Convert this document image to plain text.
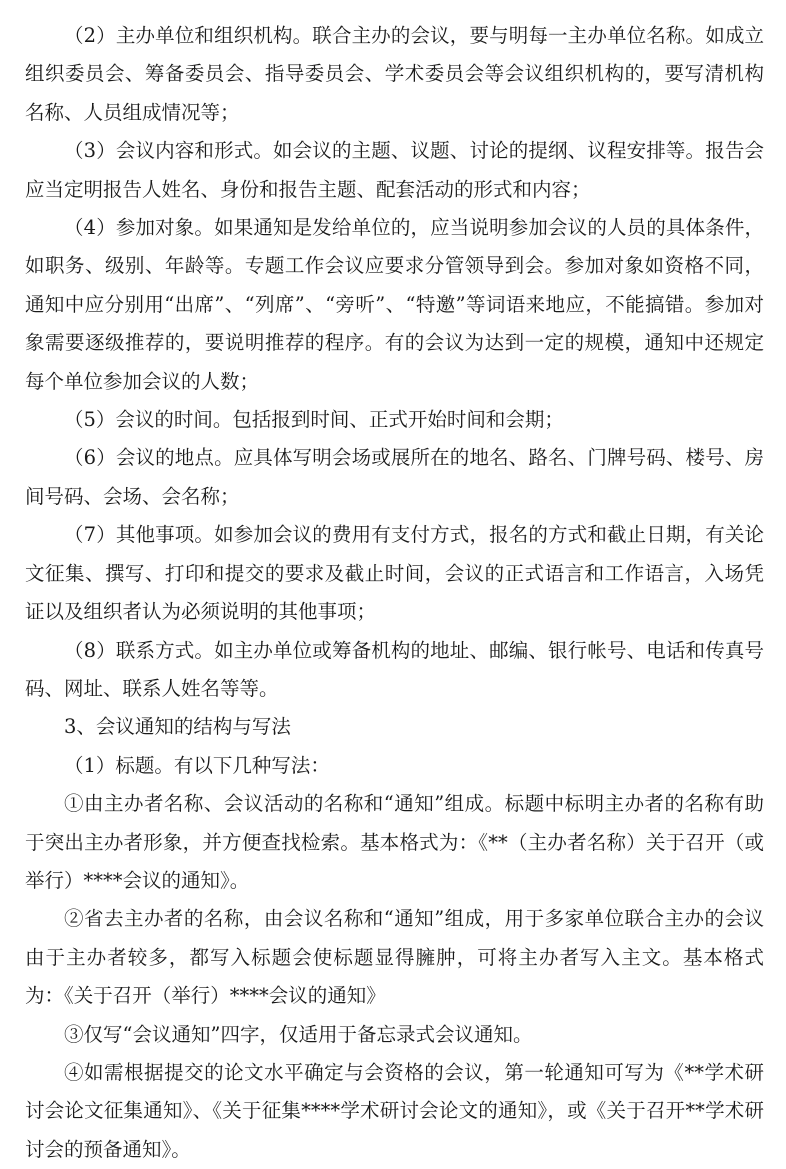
（2）主办单位和组织机构。联合主办的会议，要与明每一主办单位名称。如成立组织委员会、筹备委员会、指导委员会、学术委员会等会议组织机构的，要写清机构名称、人员组成情况等；

（3）会议内容和形式。如会议的主题、议题、讨论的提纲、议程安排等。报告会应当定明报告人姓名、身份和报告主题、配套活动的形式和内容；

（4）参加对象。如果通知是发给单位的，应当说明参加会议的人员的具体条件，如职务、级别、年龄等。专题工作会议应要求分管领导到会。参加对象如资格不同，通知中应分别用“出席”、“列席”、“旁听”、“特邀”等词语来地应，不能搞错。参加对象需要逐级推荐的，要说明推荐的程序。有的会议为达到一定的规模，通知中还规定每个单位参加会议的人数；

（5）会议的时间。包括报到时间、正式开始时间和会期；

（6）会议的地点。应具体写明会场或展所在的地名、路名、门牌号码、楼号、房间号码、会场、会名称；

（7）其他事项。如参加会议的费用有支付方式，报名的方式和截止日期，有关论文征集、撰写、打印和提交的要求及截止时间，会议的正式语言和工作语言，入场凭证以及组织者认为必须说明的其他事项；

（8）联系方式。如主办单位或筹备机构的地址、邮编、银行帐号、电话和传真号码、网址、联系人姓名等等。

3、会议通知的结构与写法

（1）标题。有以下几种写法：

①由主办者名称、会议活动的名称和“通知”组成。标题中标明主办者的名称有助于突出主办者形象，并方便查找检索。基本格式为：《**（主办者名称）关于召开（或举行）****会议的通知》。

②省去主办者的名称，由会议名称和“通知”组成，用于多家单位联合主办的会议由于主办者较多，都写入标题会使标题显得臃肿，可将主办者写入主文。基本格式为：《关于召开（举行）****会议的通知》

③仅写“会议通知”四字，仅适用于备忘录式会议通知。

④如需根据提交的论文水平确定与会资格的会议，第一轮通知可写为《**学术研讨会论文征集通知》、《关于征集****学术研讨会论文的通知》，或《关于召开**学术研讨会的预备通知》。
